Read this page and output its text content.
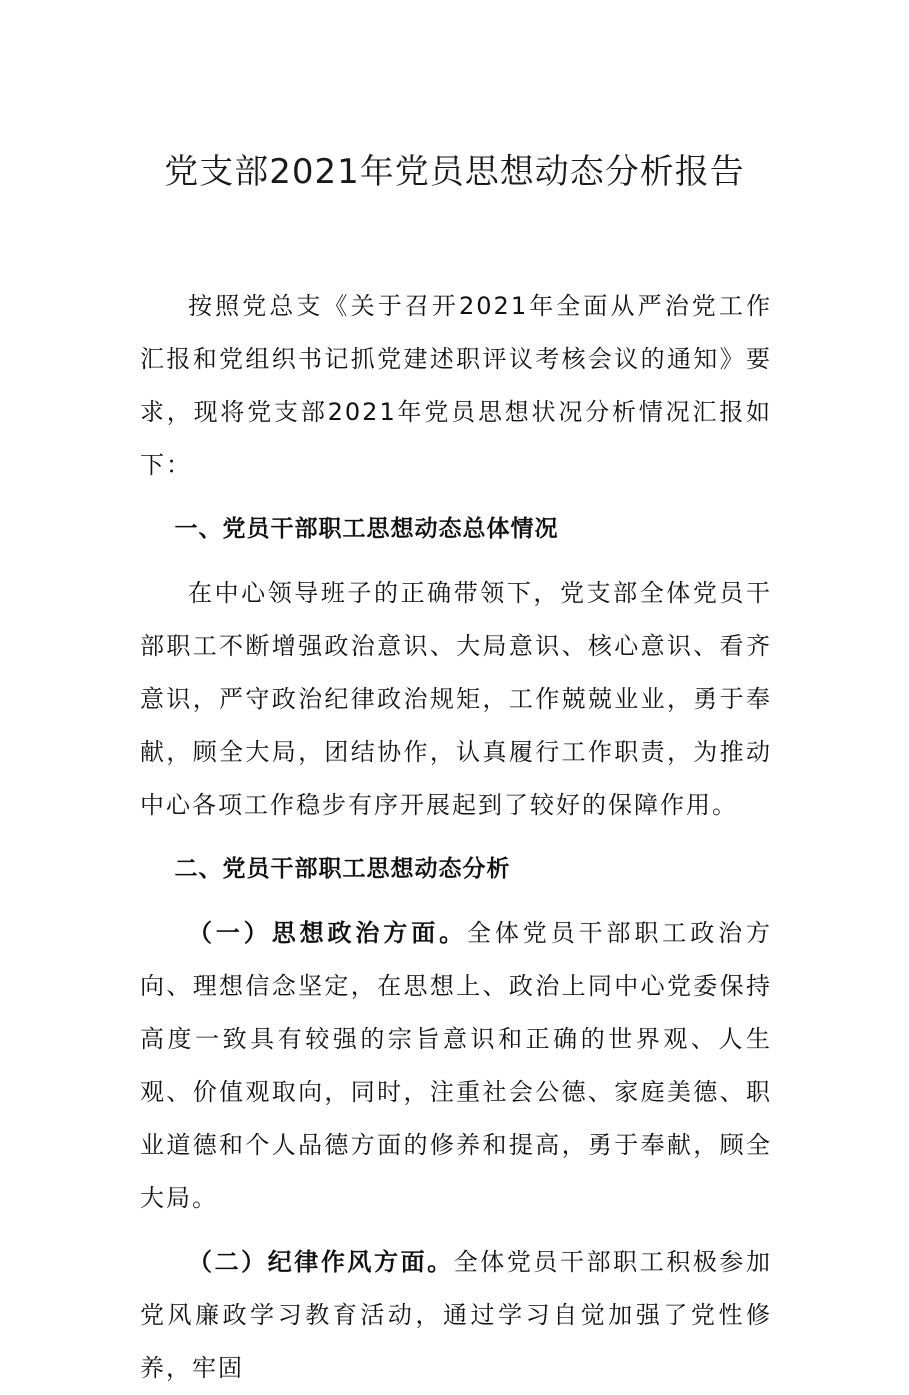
党支部2021年党员思想动态分析报告

按照党总支《关于召开2021年全面从严治党工作汇报和党组织书记抓党建述职评议考核会议的通知》要求，现将党支部2021年党员思想状况分析情况汇报如下：

一、党员干部职工思想动态总体情况

在中心领导班子的正确带领下，党支部全体党员干部职工不断增强政治意识、大局意识、核心意识、看齐意识，严守政治纪律政治规矩，工作兢兢业业，勇于奉献，顾全大局，团结协作，认真履行工作职责，为推动中心各项工作稳步有序开展起到了较好的保障作用。

二、党员干部职工思想动态分析

（一）思想政治方面。全体党员干部职工政治方向、理想信念坚定，在思想上、政治上同中心党委保持高度一致具有较强的宗旨意识和正确的世界观、人生观、价值观取向，同时，注重社会公德、家庭美德、职业道德和个人品德方面的修养和提高，勇于奉献，顾全大局。

（二）纪律作风方面。全体党员干部职工积极参加党风廉政学习教育活动，通过学习自觉加强了党性修养，牢固
